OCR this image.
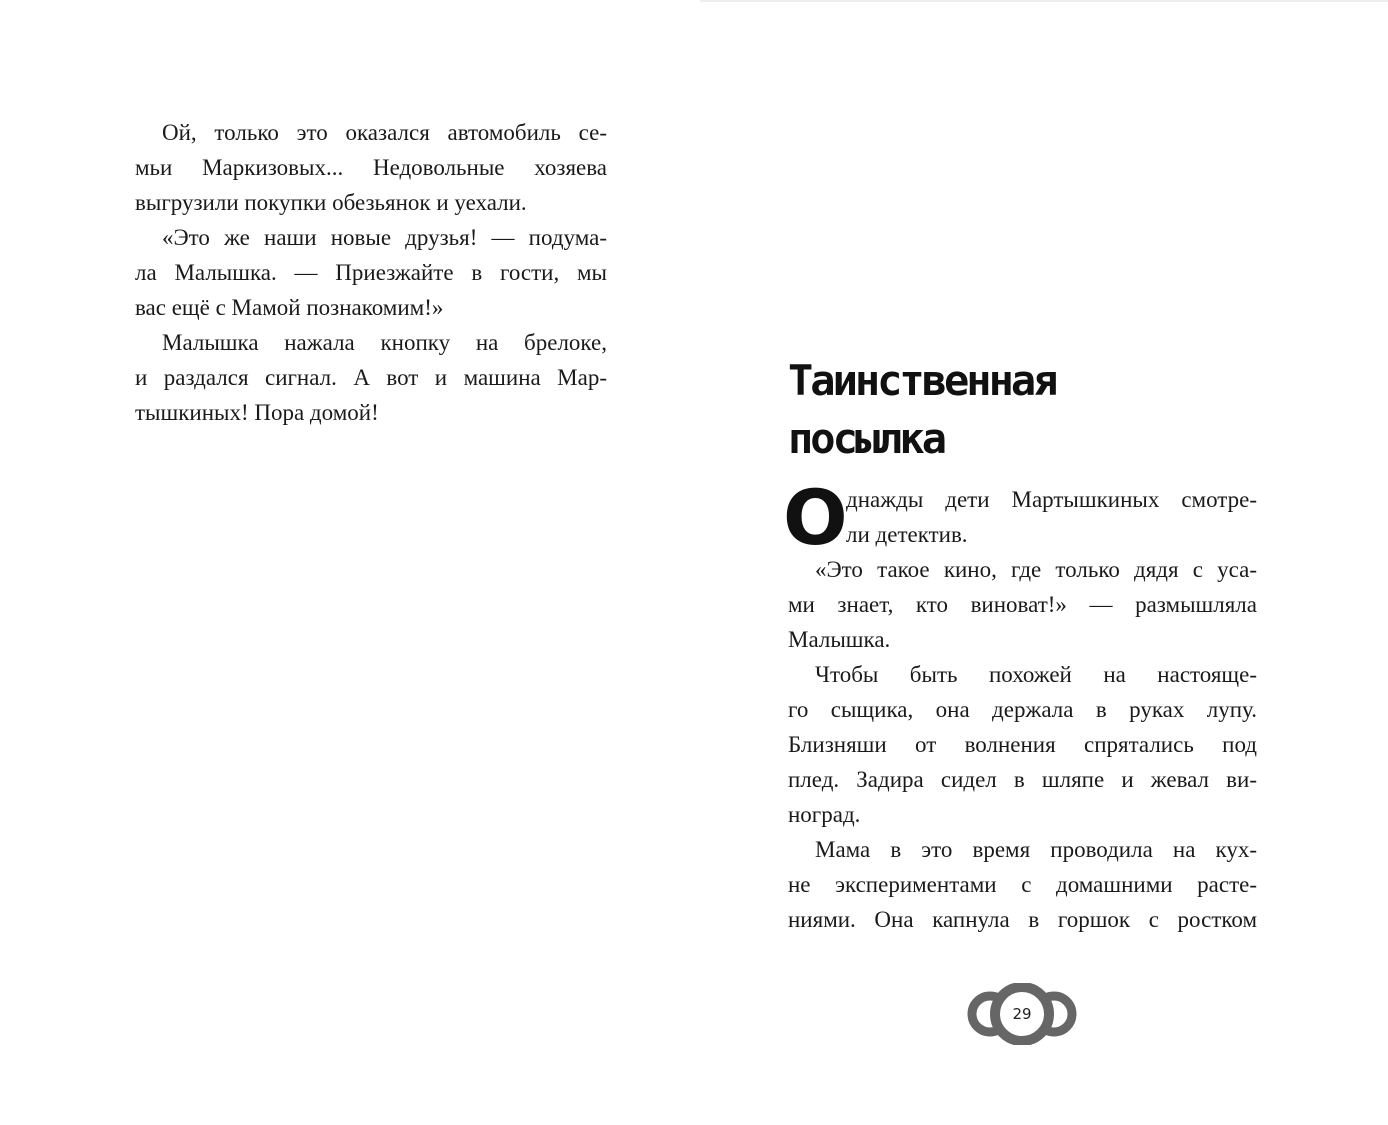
Ой, только это оказался автомобиль се-
мьи Маркизовых... Недовольные хозяева
выгрузили покупки обезьянок и уехали.
«Это же наши новые друзья! — подума-
ла Малышка. — Приезжайте в гости, мы
вас ещё с Мамой познакомим!»
Малышка нажала кнопку на брелоке,
и раздался сигнал. А вот и машина Мар-
тышкиных! Пора домой!
Таинственная
посылка
О
днажды дети Мартышкиных смотре-
ли детектив.
«Это такое кино, где только дядя с уса-
ми знает, кто виноват!» — размышляла
Малышка.
Чтобы быть похожей на настояще-
го сыщика, она держала в руках лупу.
Близняши от волнения спрятались под
плед. Задира сидел в шляпе и жевал ви-
ноград.
Мама в это время проводила на кух-
не экспериментами с домашними расте-
ниями. Она капнула в горшок с ростком
29
